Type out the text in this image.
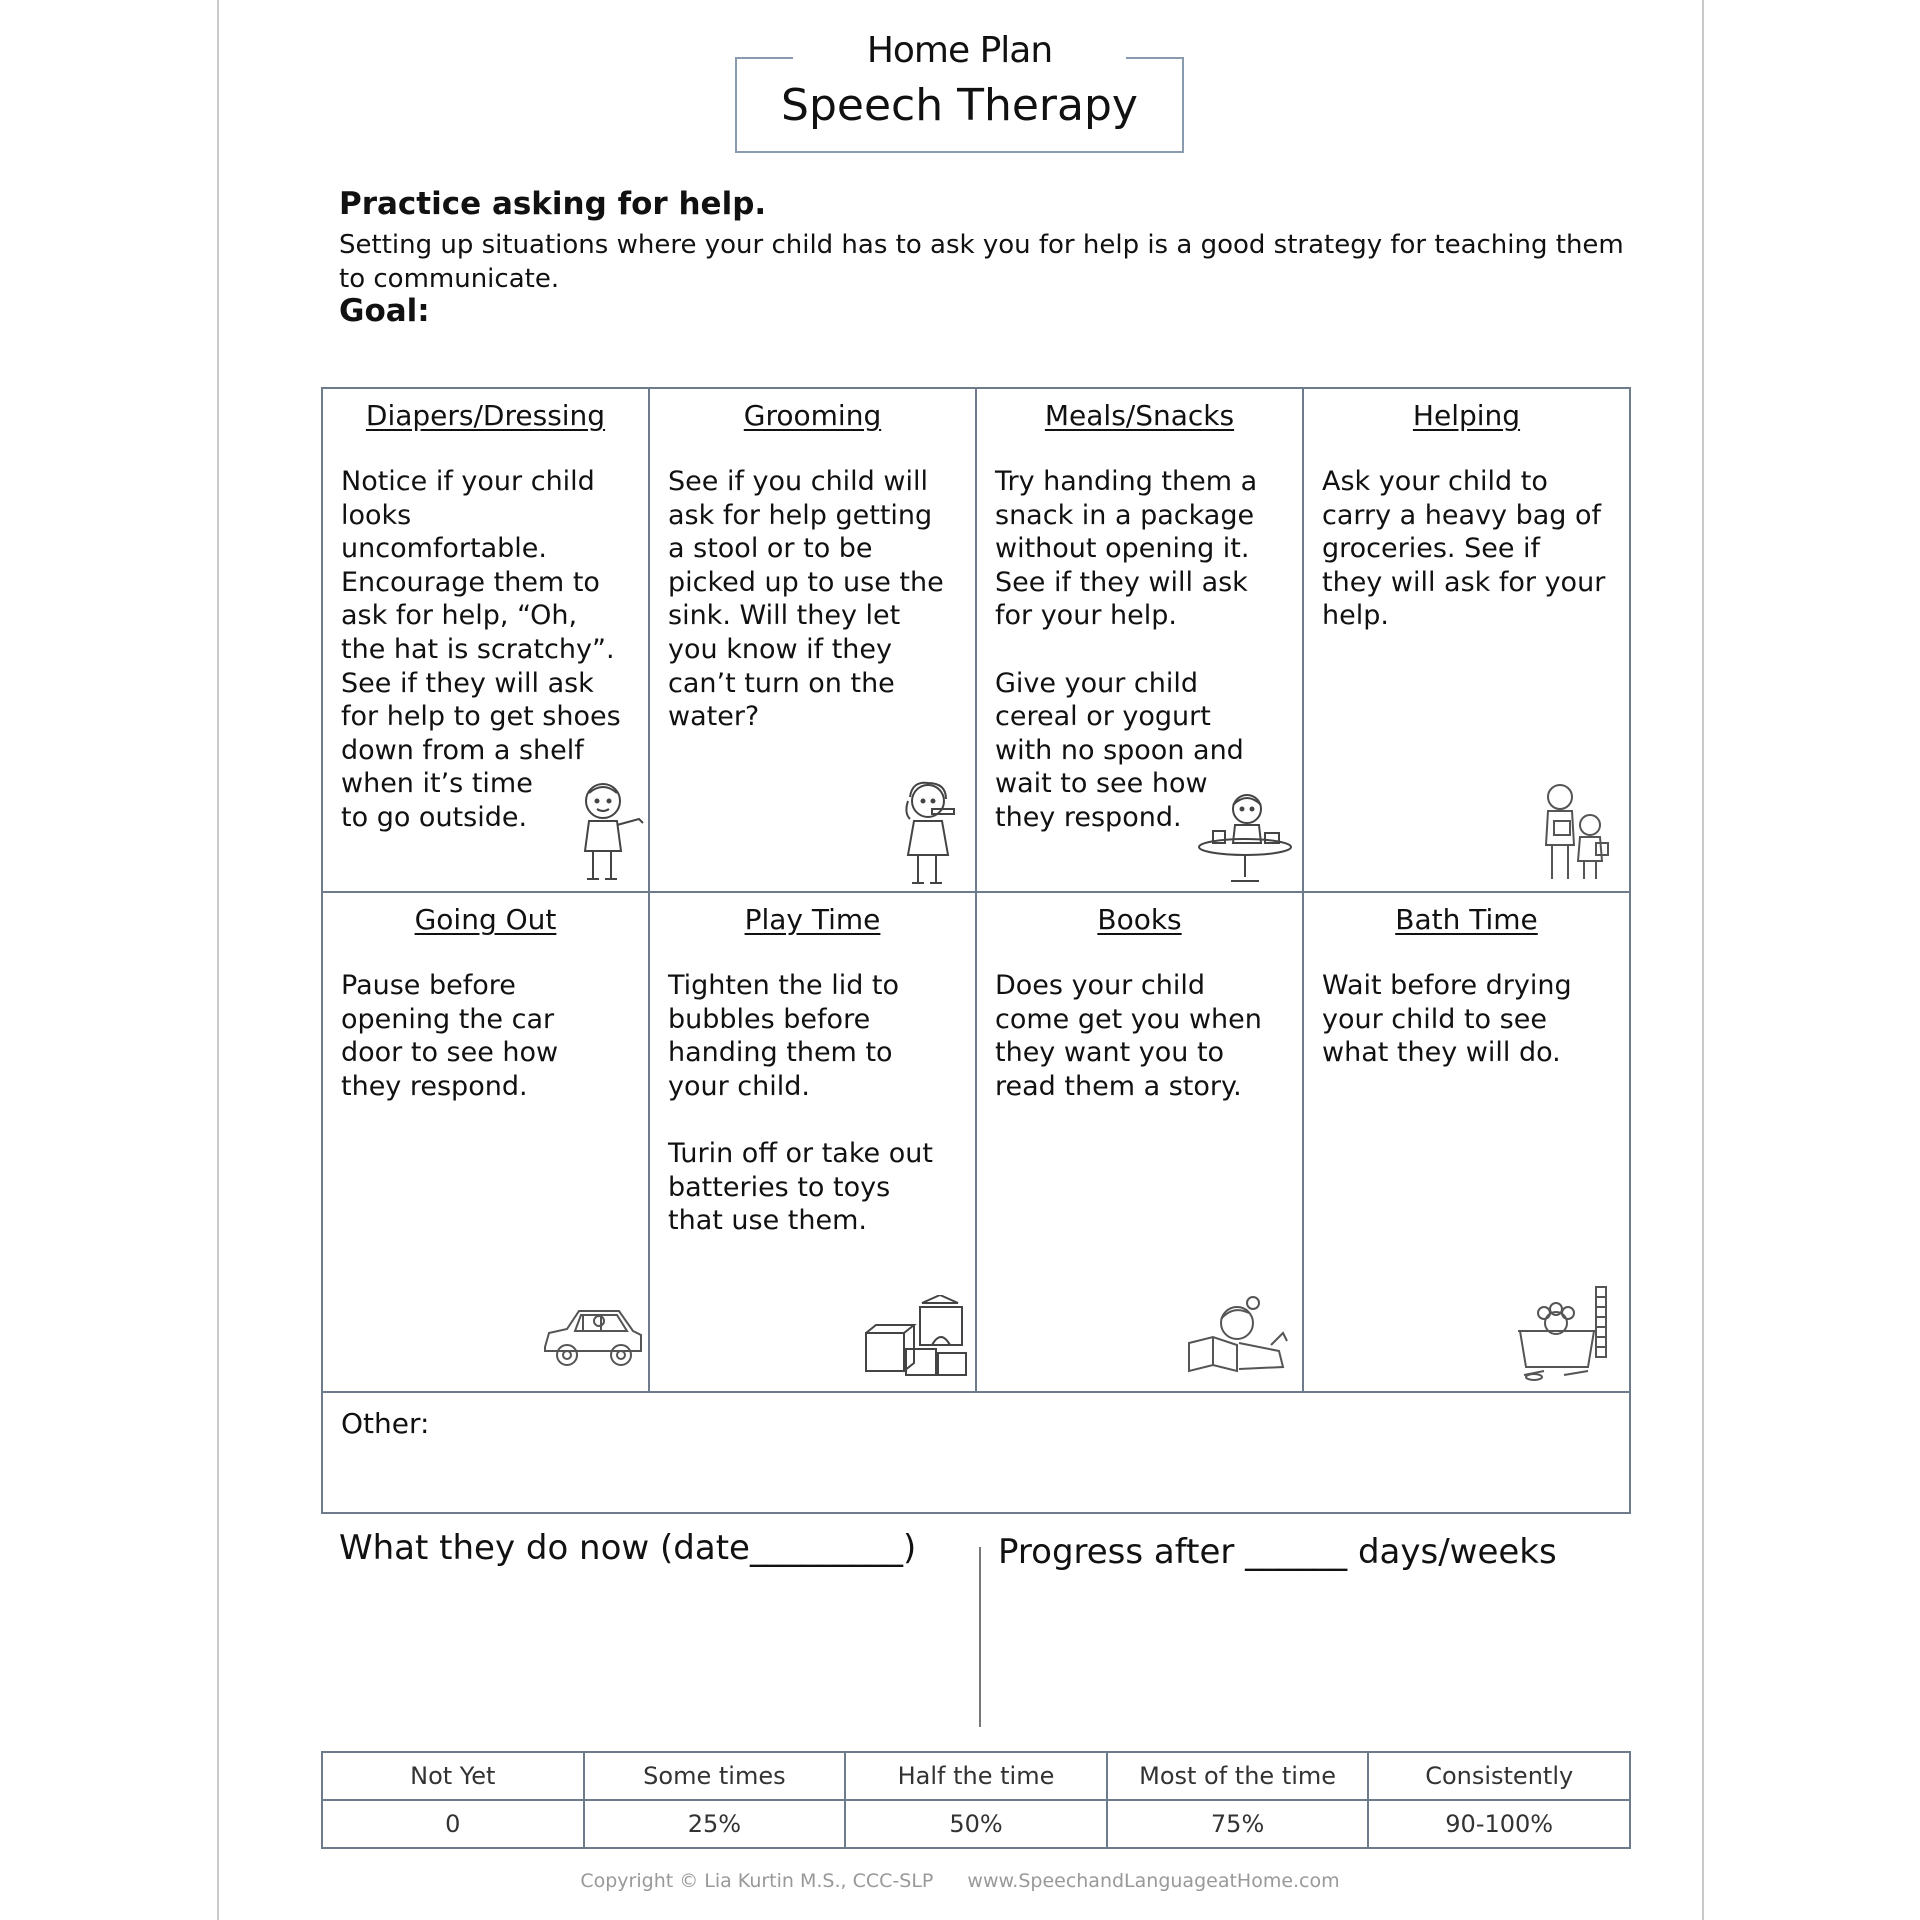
Home Plan
Speech Therapy
Practice asking for help.
Setting up situations where your child has to ask you for help is a good strategy for teaching them to communicate.
Goal:
Diapers/Dressing
Notice if your child
looks
uncomfortable.
Encourage them to
ask for help, “Oh,
the hat is scratchy”.
See if they will ask
for help to get shoes
down from a shelf
when it’s time
to go outside.
Grooming
See if you child will
ask for help getting
a stool or to be
picked up to use the
sink. Will they let
you know if they
can’t turn on the
water?
Meals/Snacks
Try handing them a
snack in a package
without opening it.
See if they will ask
for your help.

Give your child
cereal or yogurt
with no spoon and
wait to see how
they respond.
Helping
Ask your child to
carry a heavy bag of
groceries. See if
they will ask for your
help.
Going Out
Pause before
opening the car
door to see how
they respond.
Play Time
Tighten the lid to
bubbles before
handing them to
your child.

Turin off or take out
batteries to toys
that use them.
Books
Does your child
come get you when
they want you to
read them a story.
Bath Time
Wait before drying
your child to see
what they will do.
Other:
What they do now (date_________) Progress after ______ days/weeks
Not Yet	Some times	Half the time	Most of the time	Consistently
0	25%	50%	75%	90-100%
Copyright © Lia Kurtin M.S., CCC-SLP www.SpeechandLanguageatHome.com
